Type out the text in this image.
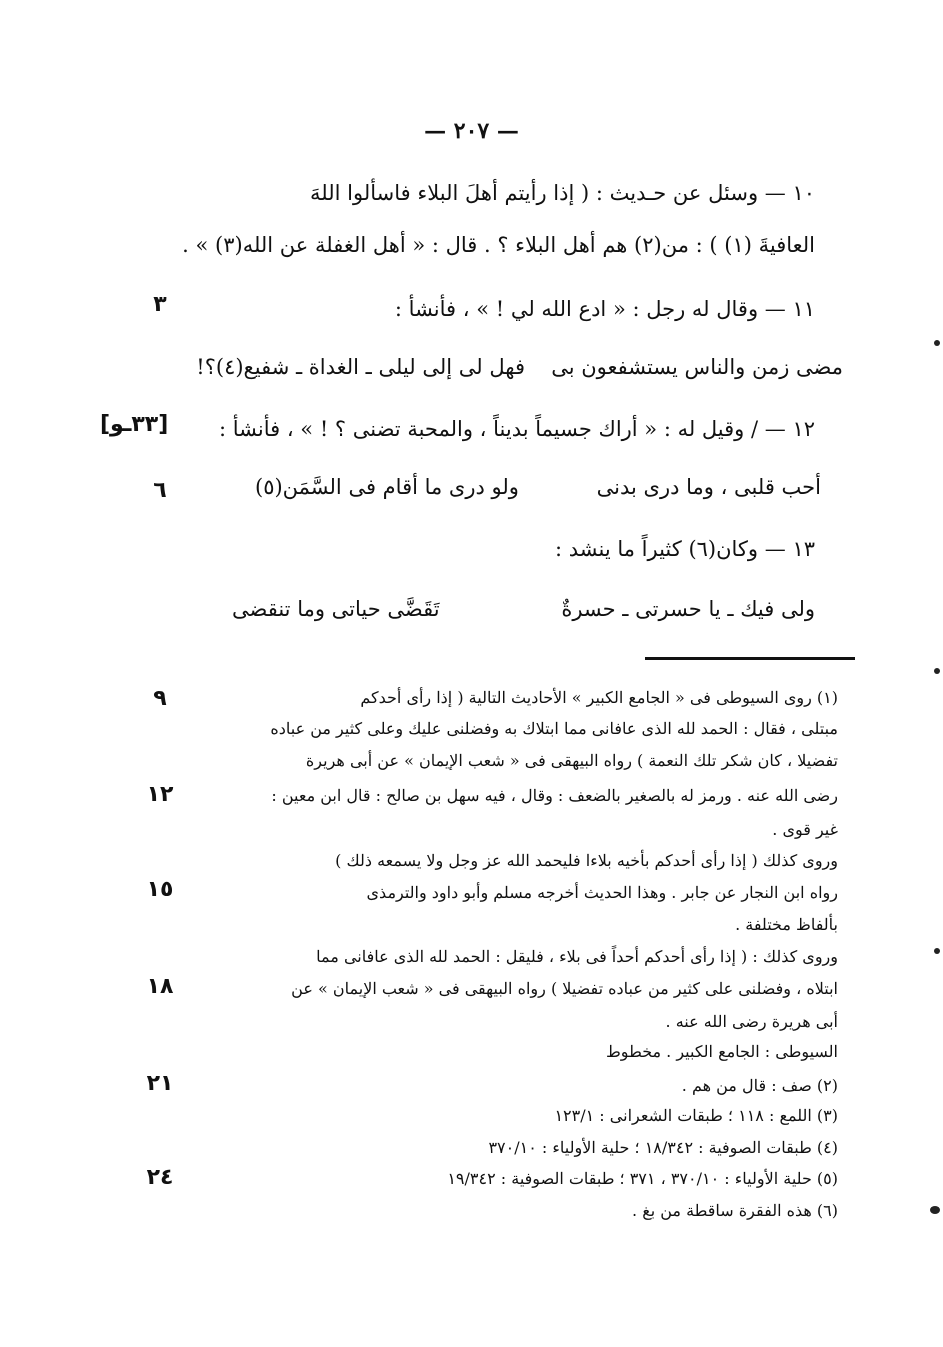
— ٢٠٧ —
١٠ — وسئل عن حـديث : ( إذا رأيتم أهلَ البلاء فاسألوا اللهَ
العافيةَ (١) ) : من(٢) هم أهل البلاء ؟ . قال : « أهل الغفلة عن الله(٣) » .
١١ — وقال له رجل : « ادع الله لي ! » ، فأنشأ :
مضى زمن والناس يستشفعون بى
فهل لى إلى ليلى ـ الغداة ـ شفيع(٤)؟!
١٢ — / وقيل له : « أراك جسيماً بديناً ، والمحبة تضنى ؟ ! » ، فأنشأ :
أحب قلبى ، وما درى بدنى
ولو درى ما أقام فى السَّمَن(٥)
١٣ — وكان(٦) كثيراً ما ينشد :
ولى فيك ـ يا حسرتى ـ حسرةٌ
تَقَضَّى حياتى وما تنقضى
٣
[٣٣ـو]
٦
(١) روى السيوطى فى « الجامع الكبير » الأحاديث التالية ( إذا رأى أحدكم
مبتلى ، فقال : الحمد لله الذى عافانى مما ابتلاك به وفضلنى عليك وعلى كثير من عباده
تفضيلا ، كان شكر تلك النعمة ) رواه البيهقى فى « شعب الإيمان » عن أبى هريرة
رضى الله عنه . ورمز له بالصغير بالضعف : وقال ، فيه سهل بن صالح : قال ابن معين :
غير قوى .
وروى كذلك ( إذا رأى أحدكم بأخيه بلاءا فليحمد الله عز وجل ولا يسمعه ذلك )
رواه ابن النجار عن جابر . وهذا الحديث أخرجه مسلم وأبو داود والترمذى
بألفاظ مختلفة .
وروى كذلك : ( إذا رأى أحدكم أحداً فى بلاء ، فليقل : الحمد لله الذى عافانى مما
ابتلاه ، وفضلنى على كثير من عباده تفضيلا ) رواه البيهقى فى « شعب الإيمان » عن
أبى هريرة رضى الله عنه .
السيوطى : الجامع الكبير . مخطوط
(٢) صف : قال من هم .
(٣) اللمع : ١١٨ ؛ طبقات الشعرانى : ١٢٣/١
(٤) طبقات الصوفية : ١٨/٣٤٢ ؛ حلية الأولياء : ٣٧٠/١٠
(٥) حلية الأولياء : ٣٧٠/١٠ ، ٣٧١ ؛ طبقات الصوفية : ١٩/٣٤٢
(٦) هذه الفقرة ساقطة من بغ .
٩
١٢
١٥
١٨
٢١
٢٤
